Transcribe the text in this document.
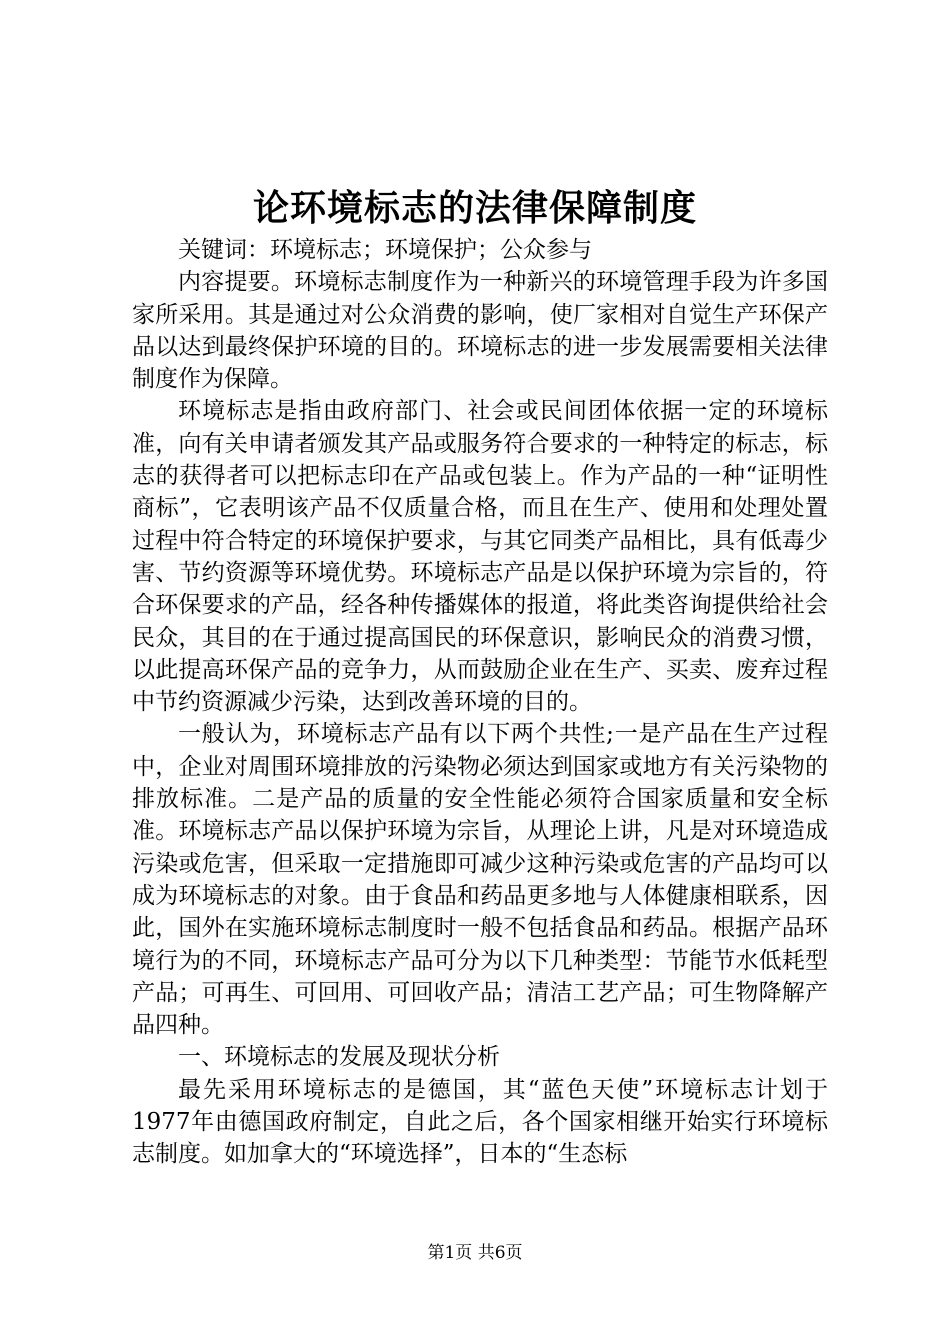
论环境标志的法律保障制度

关键词：环境标志；环境保护；公众参与

内容提要。环境标志制度作为一种新兴的环境管理手段为许多国家所采用。其是通过对公众消费的影响，使厂家相对自觉生产环保产品以达到最终保护环境的目的。环境标志的进一步发展需要相关法律制度作为保障。

环境标志是指由政府部门、社会或民间团体依据一定的环境标准，向有关申请者颁发其产品或服务符合要求的一种特定的标志，标志的获得者可以把标志印在产品或包装上。作为产品的一种“证明性商标”，它表明该产品不仅质量合格，而且在生产、使用和处理处置过程中符合特定的环境保护要求，与其它同类产品相比，具有低毒少害、节约资源等环境优势。环境标志产品是以保护环境为宗旨的，符合环保要求的产品，经各种传播媒体的报道，将此类咨询提供给社会民众，其目的在于通过提高国民的环保意识，影响民众的消费习惯，以此提高环保产品的竞争力，从而鼓励企业在生产、买卖、废弃过程中节约资源减少污染，达到改善环境的目的。

一般认为，环境标志产品有以下两个共性;一是产品在生产过程中，企业对周围环境排放的污染物必须达到国家或地方有关污染物的排放标准。二是产品的质量的安全性能必须符合国家质量和安全标准。环境标志产品以保护环境为宗旨，从理论上讲，凡是对环境造成污染或危害，但采取一定措施即可减少这种污染或危害的产品均可以成为环境标志的对象。由于食品和药品更多地与人体健康相联系，因此，国外在实施环境标志制度时一般不包括食品和药品。根据产品环境行为的不同，环境标志产品可分为以下几种类型：节能节水低耗型产品；可再生、可回用、可回收产品；清洁工艺产品；可生物降解产品四种。

一、环境标志的发展及现状分析

最先采用环境标志的是德国，其“蓝色天使”环境标志计划于1977年由德国政府制定，自此之后，各个国家相继开始实行环境标志制度。如加拿大的“环境选择”，日本的“生态标

第1页 共6页
